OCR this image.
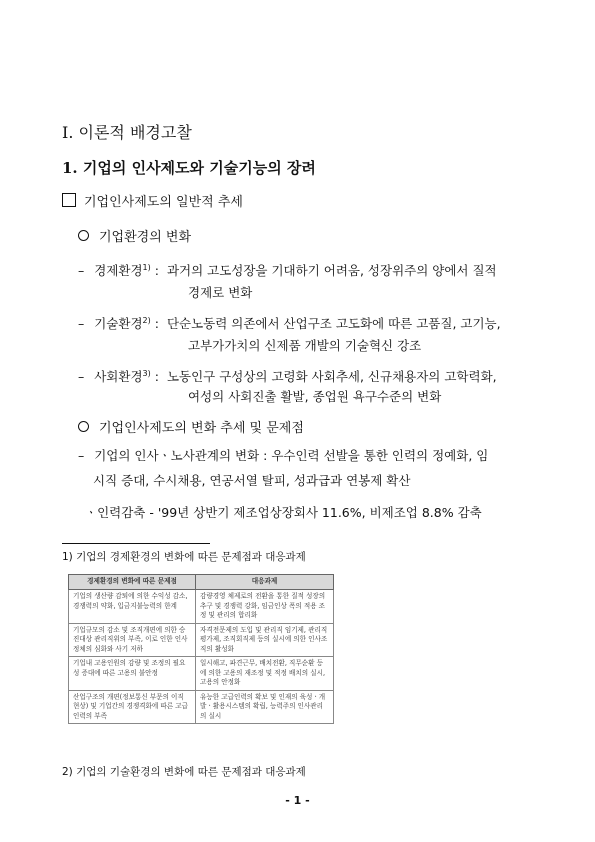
Ⅰ. 이론적 배경고찰
1. 기업의 인사제도와 기술기능의 장려
기업인사제도의 일반적 추세
기업환경의 변화
– 경제환경$^{1)}$ : 과거의 고도성장을 기대하기 어려움, 성장위주의 양에서 질적
경제로 변화
– 기술환경$^{2)}$ : 단순노동력 의존에서 산업구조 고도화에 따른 고품질, 고기능,
고부가가치의 신제품 개발의 기술혁신 강조
– 사회환경$^{3)}$ : 노동인구 구성상의 고령화 사회추세, 신규채용자의 고학력화,
여성의 사회진출 활발, 종업원 욕구수준의 변화
기업인사제도의 변화 추세 및 문제점
– 기업의 인사ㆍ노사관계의 변화 : 우수인력 선발을 통한 인력의 정예화, 임
시직 증대, 수시채용, 연공서열 탈피, 성과급과 연봉제 확산
ㆍ인력감축 - '99년 상반기 제조업상장회사 11.6%, 비제조업 8.8% 감축
1) 기업의 경제환경의 변화에 따른 문제점과 대응과제
경제환경의 변화에 따른 문제점	대응과제
기업의 생산량 감퇴에 의한 수익성 감소, 경쟁력의 약화, 입금지불능력의 한계	감량경영 체제로의 전환을 통한 질적 성장의 추구 및 경쟁력 강화, 임금인상 폭의 적용 조정 및 관리의 합리화
기업규모의 감소 및 조직개편에 의한 승진대상 관리직위의 부족, 이로 인한 인사정체의 심화와 사기 저하	자격전문제의 도입 및 관리직 임기제, 관리직 평가제, 조직회직제 등의 실시에 의한 인사조직의 활성화
기업내 고용인원의 감량 및 조정의 필요성 증대에 따른 고용의 불안정	일시해고, 파견근무, 배치전환, 직무순환 등에 의한 고용의 재조정 및 적정 배치의 실시, 고용의 안정화
산업구조의 개편(정보통신 부문의 이직 현상) 및 기업간의 경쟁격화에 따른 고급인력의 부족	유능한 고급인력의 확보 및 인재의 육성ㆍ개발ㆍ활용시스템의 확립, 능력주의 인사관리의 실시
2) 기업의 기술환경의 변화에 따른 문제점과 대응과제
- 1 -
